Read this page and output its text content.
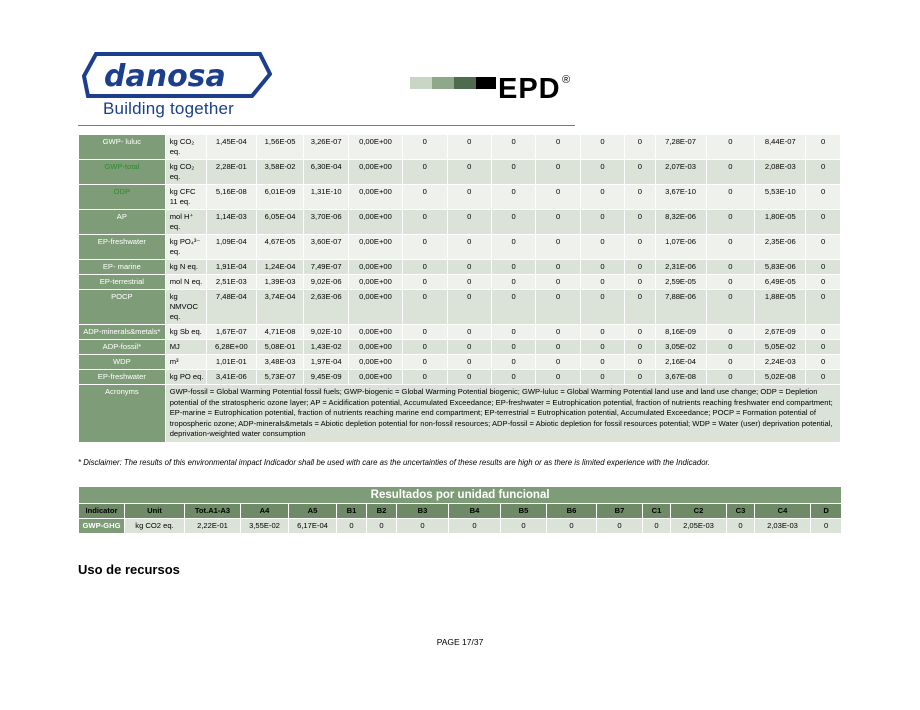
danosa
Building together
EPD ®
GWP- luluc	kg CO₂ eq.	1,45E-04	1,56E-05	3,26E-07	0,00E+00	0	0	0	0	0	0	7,28E-07	0	8,44E-07	0
GWP-total	kg CO₂ eq.	2,28E-01	3,58E-02	6,30E-04	0,00E+00	0	0	0	0	0	0	2,07E-03	0	2,08E-03	0
ODP	kg CFC 11 eq.	5,16E-08	6,01E-09	1,31E-10	0,00E+00	0	0	0	0	0	0	3,67E-10	0	5,53E-10	0
AP	mol H⁺ eq.	1,14E-03	6,05E-04	3,70E-06	0,00E+00	0	0	0	0	0	0	8,32E-06	0	1,80E-05	0
EP-freshwater	kg PO₄³⁻ eq.	1,09E-04	4,67E-05	3,60E-07	0,00E+00	0	0	0	0	0	0	1,07E-06	0	2,35E-06	0
EP- marine	kg N eq.	1,91E-04	1,24E-04	7,49E-07	0,00E+00	0	0	0	0	0	0	2,31E-06	0	5,83E-06	0
EP-terrestrial	mol N eq.	2,51E-03	1,39E-03	9,02E-06	0,00E+00	0	0	0	0	0	0	2,59E-05	0	6,49E-05	0
POCP	kg NMVOC eq.	7,48E-04	3,74E-04	2,63E-06	0,00E+00	0	0	0	0	0	0	7,88E-06	0	1,88E-05	0
ADP-minerals&metals*	kg Sb eq.	1,67E-07	4,71E-08	9,02E-10	0,00E+00	0	0	0	0	0	0	8,16E-09	0	2,67E-09	0
ADP-fossil*	MJ	6,28E+00	5,08E-01	1,43E-02	0,00E+00	0	0	0	0	0	0	3,05E-02	0	5,05E-02	0
WDP	m³	1,01E-01	3,48E-03	1,97E-04	0,00E+00	0	0	0	0	0	0	2,16E-04	0	2,24E-03	0
EP-freshwater	kg PO eq.	3,41E-06	5,73E-07	9,45E-09	0,00E+00	0	0	0	0	0	0	3,67E-08	0	5,02E-08	0
Acronyms	GWP-fossil = Global Warming Potential fossil fuels; GWP-biogenic = Global Warming Potential biogenic; GWP-luluc = Global Warming Potential land use and land use change; ODP = Depletion potential of the stratospheric ozone layer; AP = Acidification potential, Accumulated Exceedance; EP-freshwater = Eutrophication potential, fraction of nutrients reaching freshwater end compartment; EP-marine = Eutrophication potential, fraction of nutrients reaching marine end compartment; EP-terrestrial = Eutrophication potential, Accumulated Exceedance; POCP = Formation potential of tropospheric ozone; ADP-minerals&metals = Abiotic depletion potential for non-fossil resources; ADP-fossil = Abiotic depletion for fossil resources potential; WDP = Water (user) deprivation potential, deprivation-weighted water consumption														
* Disclaimer: The results of this environmental impact Indicador shall be used with care as the uncertainties of these results are high or as there is limited experience with the Indicador.
Resultados por unidad funcional																
Indicator	Unit	Tot.A1-A3	A4	A5	B1	B2	B3	B4	B5	B6	B7	C1	C2	C3	C4	D
GWP-GHG	kg CO2 eq.	2,22E-01	3,55E-02	6,17E-04	0	0	0	0	0	0	0	0	2,05E-03	0	2,03E-03	0
Uso de recursos
PAGE 17/37
